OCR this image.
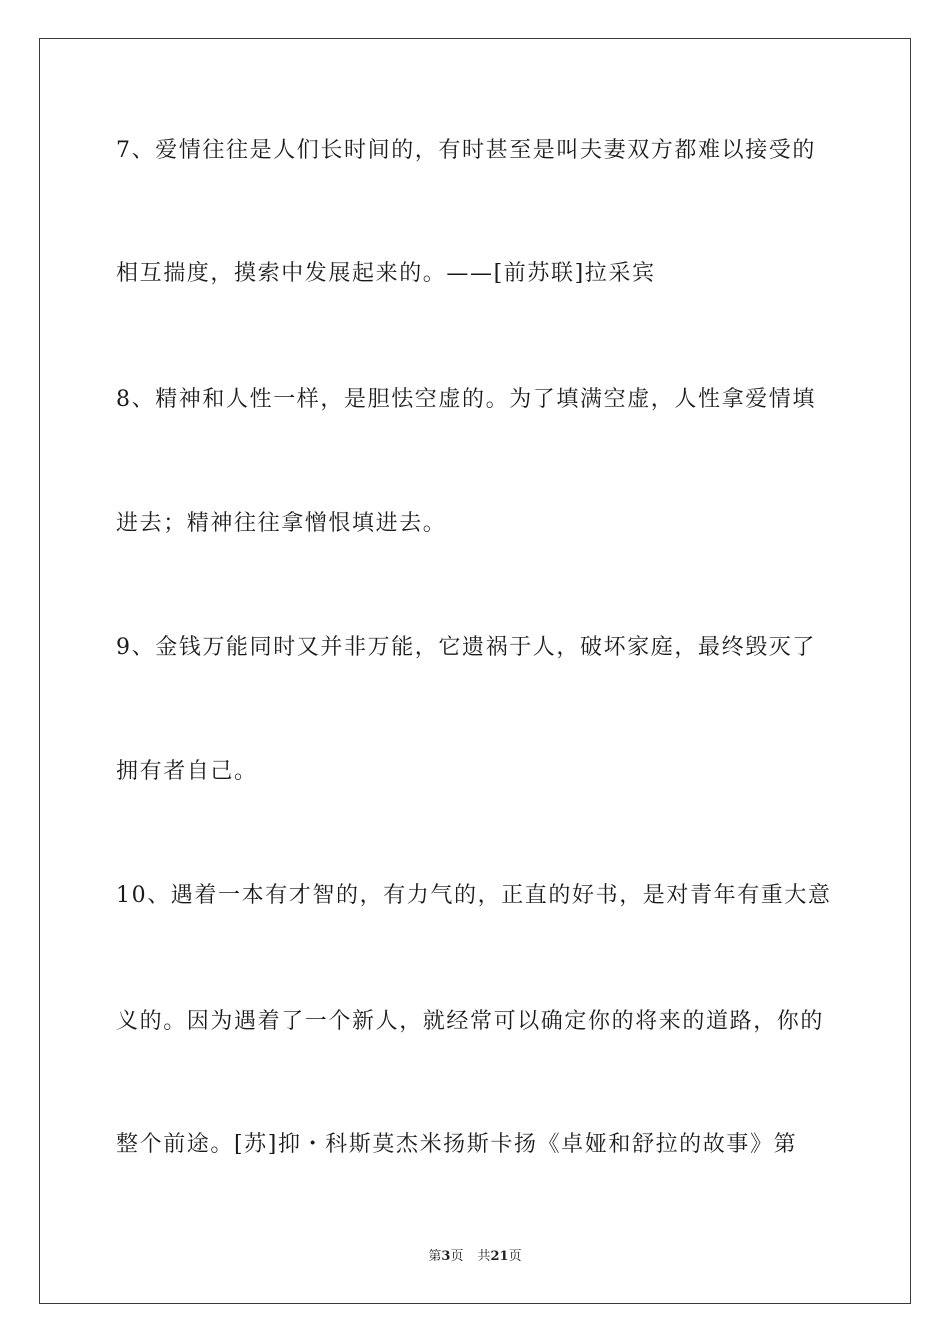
7、爱情往往是人们长时间的，有时甚至是叫夫妻双方都难以接受的
相互揣度，摸索中发展起来的。——[前苏联]拉采宾
8、精神和人性一样，是胆怯空虚的。为了填满空虚，人性拿爱情填
进去；精神往往拿憎恨填进去。
9、金钱万能同时又并非万能，它遗祸于人，破坏家庭，最终毁灭了
拥有者自己。
10、遇着一本有才智的，有力气的，正直的好书，是对青年有重大意
义的。因为遇着了一个新人，就经常可以确定你的将来的道路，你的
整个前途。[苏]抑・科斯莫杰米扬斯卡扬《卓娅和舒拉的故事》第
第3页 共21页
